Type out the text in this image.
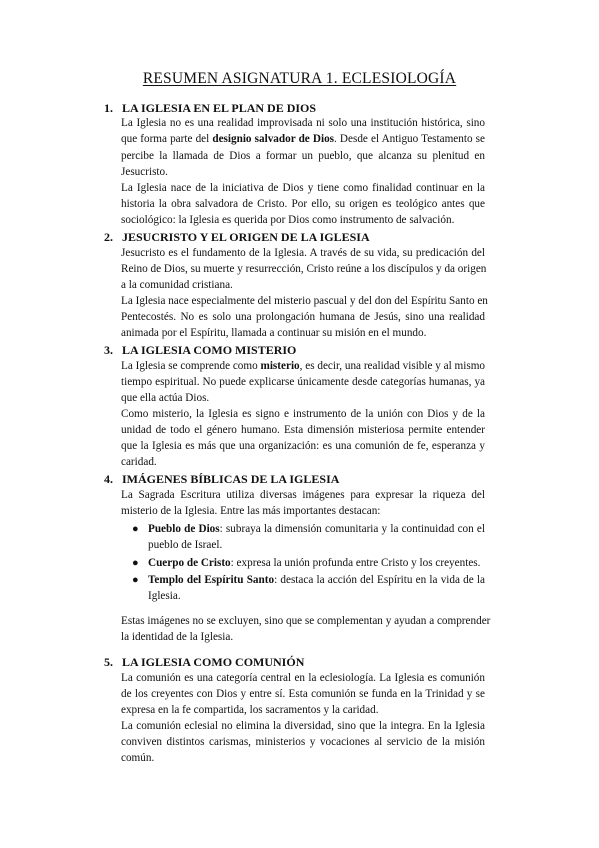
RESUMEN ASIGNATURA 1. ECLESIOLOGÍA
1. LA IGLESIA EN EL PLAN DE DIOS
La Iglesia no es una realidad improvisada ni solo una institución histórica, sino
que forma parte del designio salvador de Dios. Desde el Antiguo Testamento se
percibe la llamada de Dios a formar un pueblo, que alcanza su plenitud en
Jesucristo.
La Iglesia nace de la iniciativa de Dios y tiene como finalidad continuar en la
historia la obra salvadora de Cristo. Por ello, su origen es teológico antes que
sociológico: la Iglesia es querida por Dios como instrumento de salvación.
2. JESUCRISTO Y EL ORIGEN DE LA IGLESIA
Jesucristo es el fundamento de la Iglesia. A través de su vida, su predicación del
Reino de Dios, su muerte y resurrección, Cristo reúne a los discípulos y da origen
a la comunidad cristiana.
La Iglesia nace especialmente del misterio pascual y del don del Espíritu Santo en
Pentecostés. No es solo una prolongación humana de Jesús, sino una realidad
animada por el Espíritu, llamada a continuar su misión en el mundo.
3. LA IGLESIA COMO MISTERIO
La Iglesia se comprende como misterio, es decir, una realidad visible y al mismo
tiempo espiritual. No puede explicarse únicamente desde categorías humanas, ya
que ella actúa Dios.
Como misterio, la Iglesia es signo e instrumento de la unión con Dios y de la
unidad de todo el género humano. Esta dimensión misteriosa permite entender
que la Iglesia es más que una organización: es una comunión de fe, esperanza y
caridad.
4. IMÁGENES BÍBLICAS DE LA IGLESIA
La Sagrada Escritura utiliza diversas imágenes para expresar la riqueza del
misterio de la Iglesia. Entre las más importantes destacan:
● Pueblo de Dios: subraya la dimensión comunitaria y la continuidad con el
pueblo de Israel.
● Cuerpo de Cristo: expresa la unión profunda entre Cristo y los creyentes.
● Templo del Espíritu Santo: destaca la acción del Espíritu en la vida de la
Iglesia.
Estas imágenes no se excluyen, sino que se complementan y ayudan a comprender
la identidad de la Iglesia.
5. LA IGLESIA COMO COMUNIÓN
La comunión es una categoría central en la eclesiología. La Iglesia es comunión
de los creyentes con Dios y entre sí. Esta comunión se funda en la Trinidad y se
expresa en la fe compartida, los sacramentos y la caridad.
La comunión eclesial no elimina la diversidad, sino que la integra. En la Iglesia
conviven distintos carismas, ministerios y vocaciones al servicio de la misión
común.
